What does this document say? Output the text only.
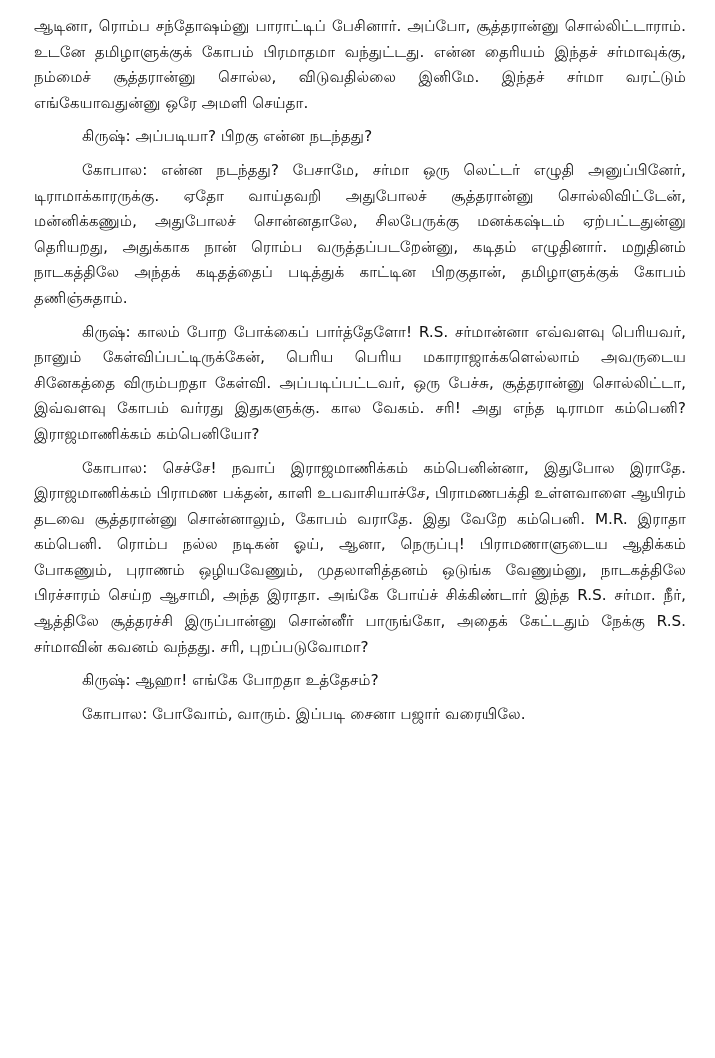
ஆடினா, ரொம்ப சந்தோஷம்னு பாராட்டிப் பேசினார். அப்போ, சூத்தரான்னு சொல்லிட்டாராம். உடனே தமிழாளுக்குக் கோபம் பிரமாதமா வந்துட்டது. என்ன தைரியம் இந்தச் சர்மாவுக்கு, நம்மைச் சூத்தரான்னு சொல்ல, விடுவதில்லை இனிமே. இந்தச் சர்மா வரட்டும் எங்கேயாவதுன்னு ஒரே அமளி செய்தா.

கிருஷ்: அப்படியா? பிறகு என்ன நடந்தது?

கோபால: என்ன நடந்தது? பேசாமே, சர்மா ஒரு லெட்டர் எழுதி அனுப்பினேர், டிராமாக்காரருக்கு. ஏதோ வாய்தவறி அதுபோலச் சூத்தரான்னு சொல்லிவிட்டேன், மன்னிக்கணும், அதுபோலச் சொன்னதாலே, சிலபேருக்கு மனக்கஷ்டம் ஏற்பட்டதுன்னு தெரியறது, அதுக்காக நான் ரொம்ப வருத்தப்படறேன்னு, கடிதம் எழுதினார். மறுதினம் நாடகத்திலே அந்தக் கடிதத்தைப் படித்துக் காட்டின பிறகுதான், தமிழாளுக்குக் கோபம் தணிஞ்சுதாம்.

கிருஷ்: காலம் போற போக்கைப் பார்த்தேளோ! R.S. சர்மான்னா எவ்வளவு பெரியவர், நானும் கேள்விப்பட்டிருக்கேன், பெரிய பெரிய மகாராஜாக்களெல்லாம் அவருடைய சினேகத்தை விரும்பறதா கேள்வி. அப்படிப்பட்டவர், ஒரு பேச்சு, சூத்தரான்னு சொல்லிட்டா, இவ்வளவு கோபம் வர்ரது இதுகளுக்கு. கால வேகம். சரி! அது எந்த டிராமா கம்பெனி? இராஜமாணிக்கம் கம்பெனியோ?

கோபால: செச்சே! நவாப் இராஜமாணிக்கம் கம்பெனின்னா, இதுபோல இராதே. இராஜமாணிக்கம் பிராமண பக்தன், காளி உபவாசியாச்சே, பிராமணபக்தி உள்ளவாளை ஆயிரம் தடவை சூத்தரான்னு சொன்னாலும், கோபம் வராதே. இது வேறே கம்பெனி. M.R. இராதா கம்பெனி. ரொம்ப நல்ல நடிகன் ஓய், ஆனா, நெருப்பு! பிராமணாளுடைய ஆதிக்கம் போகணும், புராணம் ஒழியவேணும், முதலாளித்தனம் ஒடுங்க வேணும்னு, நாடகத்திலே பிரச்சாரம் செய்ற ஆசாமி, அந்த இராதா. அங்கே போய்ச் சிக்கிண்டார் இந்த R.S. சர்மா. நீர், ஆத்திலே சூத்தரச்சி இருப்பான்னு சொன்னீர் பாருங்கோ, அதைக் கேட்டதும் நேக்கு R.S. சர்மாவின் கவனம் வந்தது. சரி, புறப்படுவோமா?

கிருஷ்: ஆஹா! எங்கே போறதா உத்தேசம்?

கோபால: போவோம், வாரும். இப்படி சைனா பஜார் வரையிலே.
